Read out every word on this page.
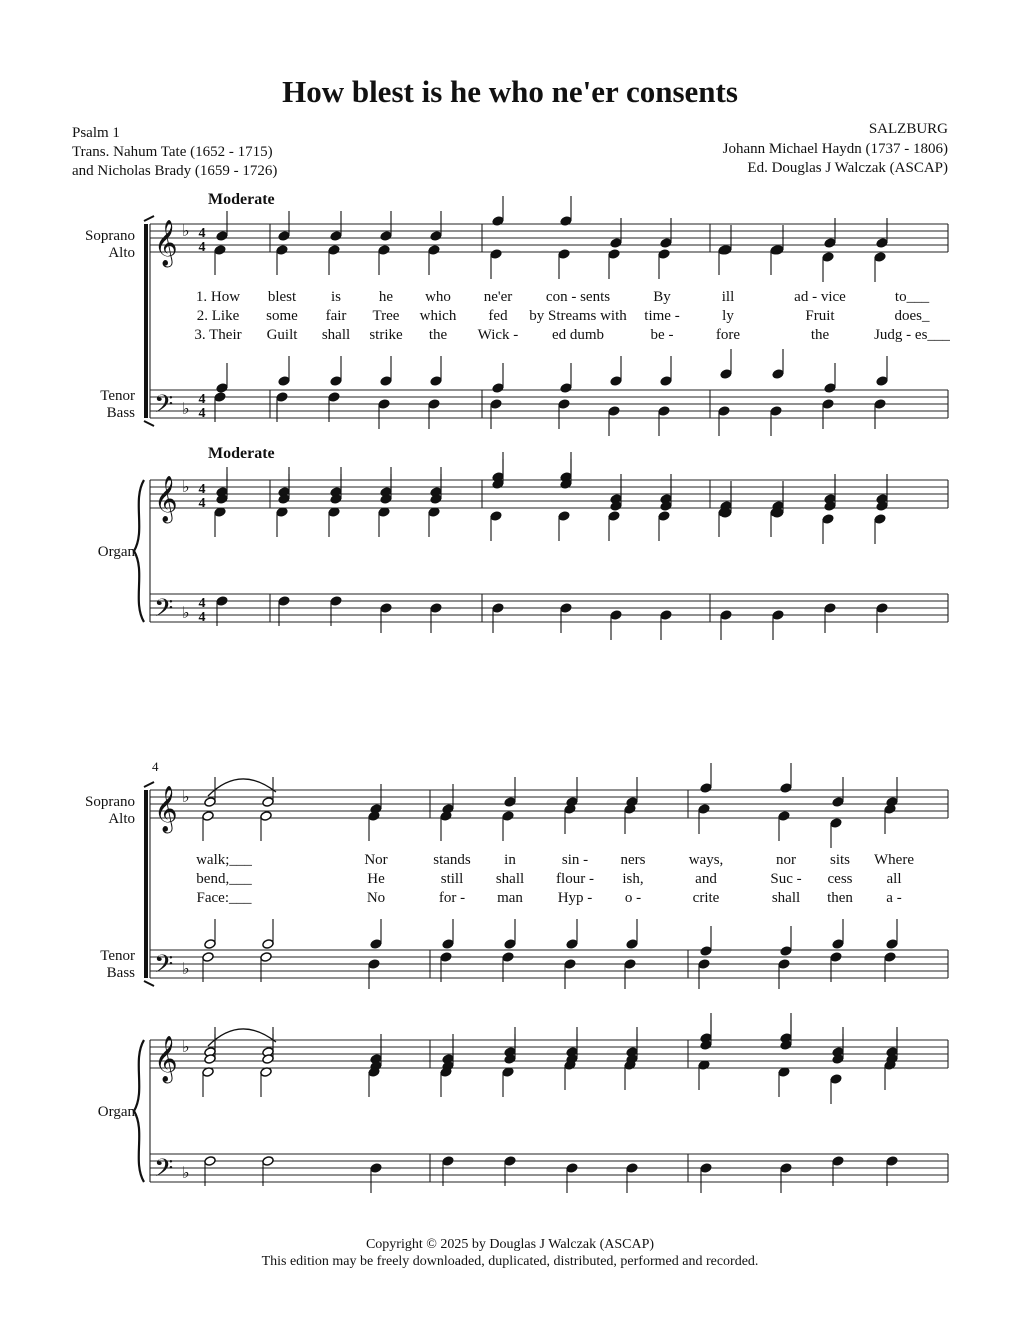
How blest is he who ne'er consents
Psalm 1
Trans. Nahum Tate (1652 - 1715)
and Nicholas Brady (1659 - 1726)
SALZBURG
Johann Michael Haydn (1737 - 1806)
Ed. Douglas J Walczak (ASCAP)
𝄞
𝄢
𝄞
𝄢
♭
♭
♭
♭
4
4
4
4
4
4
4
4
Soprano
Alto
Tenor
Bass
Organ
𝄞
𝄢
𝄞
𝄢
♭
♭
♭
♭
Soprano
Alto
Tenor
Bass
Organ
Moderate
Moderate
4
1. How blest is	he who ne'er con - sents	By	ill	ad - vice	to___
2. Like some fair Tree which fed by Streams with time -	ly	Fruit	does_
3. Their Guilt shall strike the Wick - ed dumb	be -	fore	the	Judg - es___
walk;___	Nor	stands in	sin - ners	ways,	nor sits Where
bend,___	He	still shall flour - ish,	and	Suc - cess all
Face:___	No	for - man Hyp - o -	crite	shall then a -
Copyright © 2025 by Douglas J Walczak (ASCAP)
This edition may be freely downloaded, duplicated, distributed, performed and recorded.
